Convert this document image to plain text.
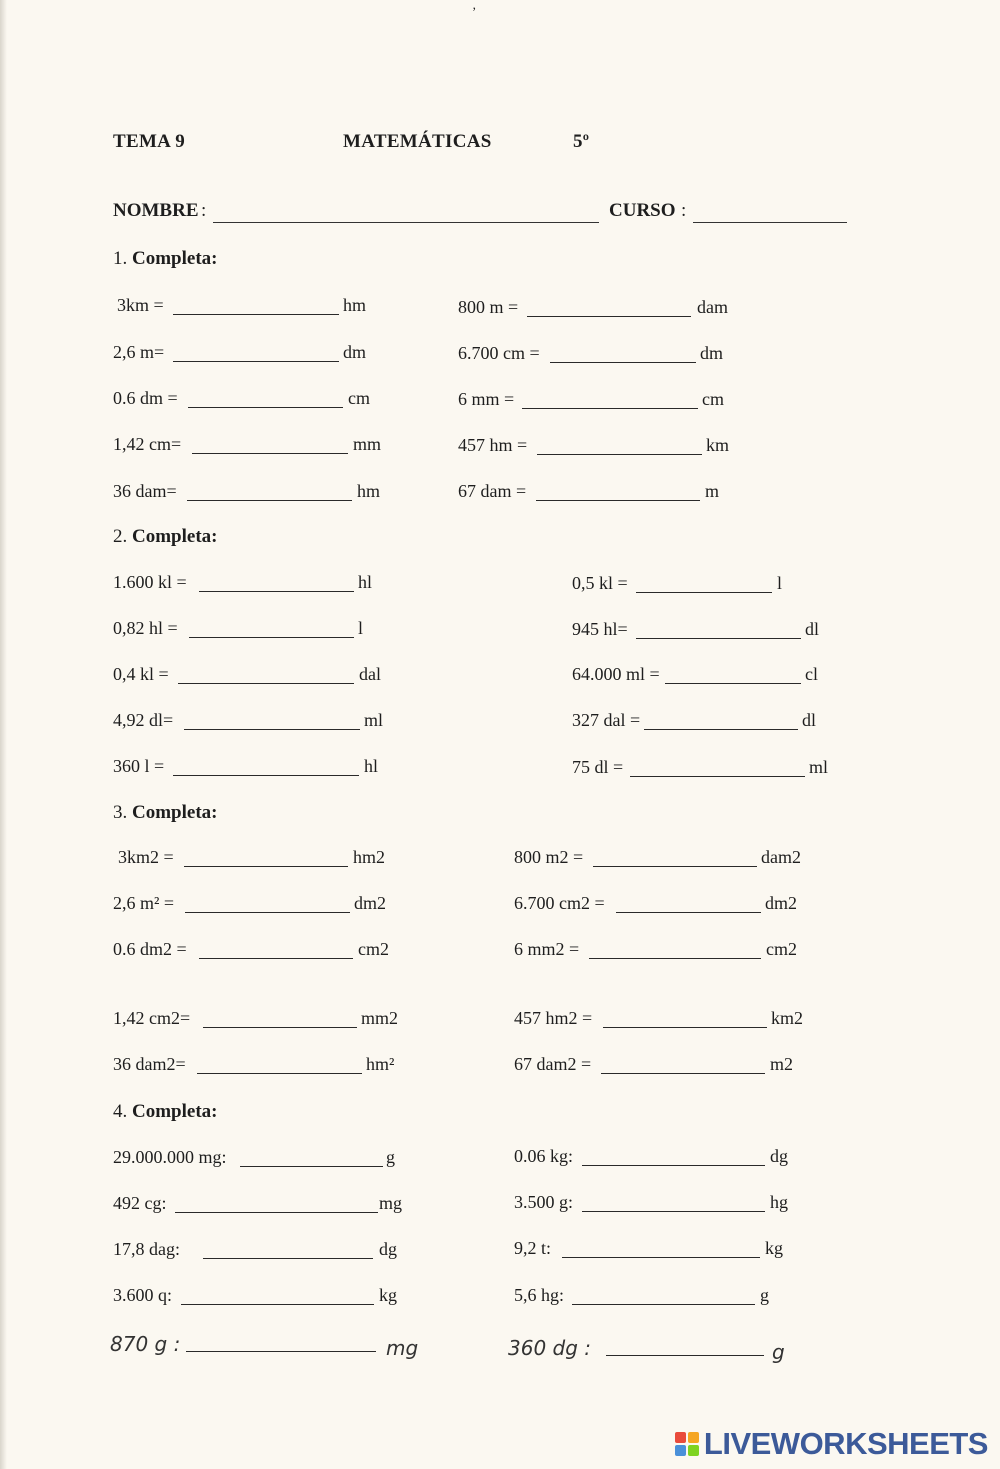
’
TEMA 9	MATEMÁTICAS	5º
NOMBRE :	CURSO :
1. Completa:
2. Completa:
3. Completa:
4. Completa:
3km =	hm	800 m =	dam
2,6 m=	dm	6.700 cm =	dm
0.6 dm =	cm	6 mm =	cm
1,42 cm=	mm	457 hm =	km
36 dam=	hm	67 dam =	m
1.600 kl =	hl	0,5 kl =	l
0,82 hl =	l	945 hl=	dl
0,4 kl =	dal	64.000 ml =	cl
4,92 dl=	ml	327 dal =	dl
360 l =	hl	75 dl =	ml
3km2 =	hm2	800 m2 =	dam2
2,6 m² =	dm2	6.700 cm2 =	dm2
0.6 dm2 =	cm2	6 mm2 =	cm2
1,42 cm2=	mm2	457 hm2 =	km2
36 dam2=	hm²	67 dam2 =	m2
29.000.000 mg:	g	0.06 kg:	dg
492 cg:	mg	3.500 g:	hg
17,8 dag:	dg	9,2 t:	kg
3.600 q:	kg	5,6 hg:	g
870 g :	mg	360 dg :	g
LIVEWORKSHEETS
